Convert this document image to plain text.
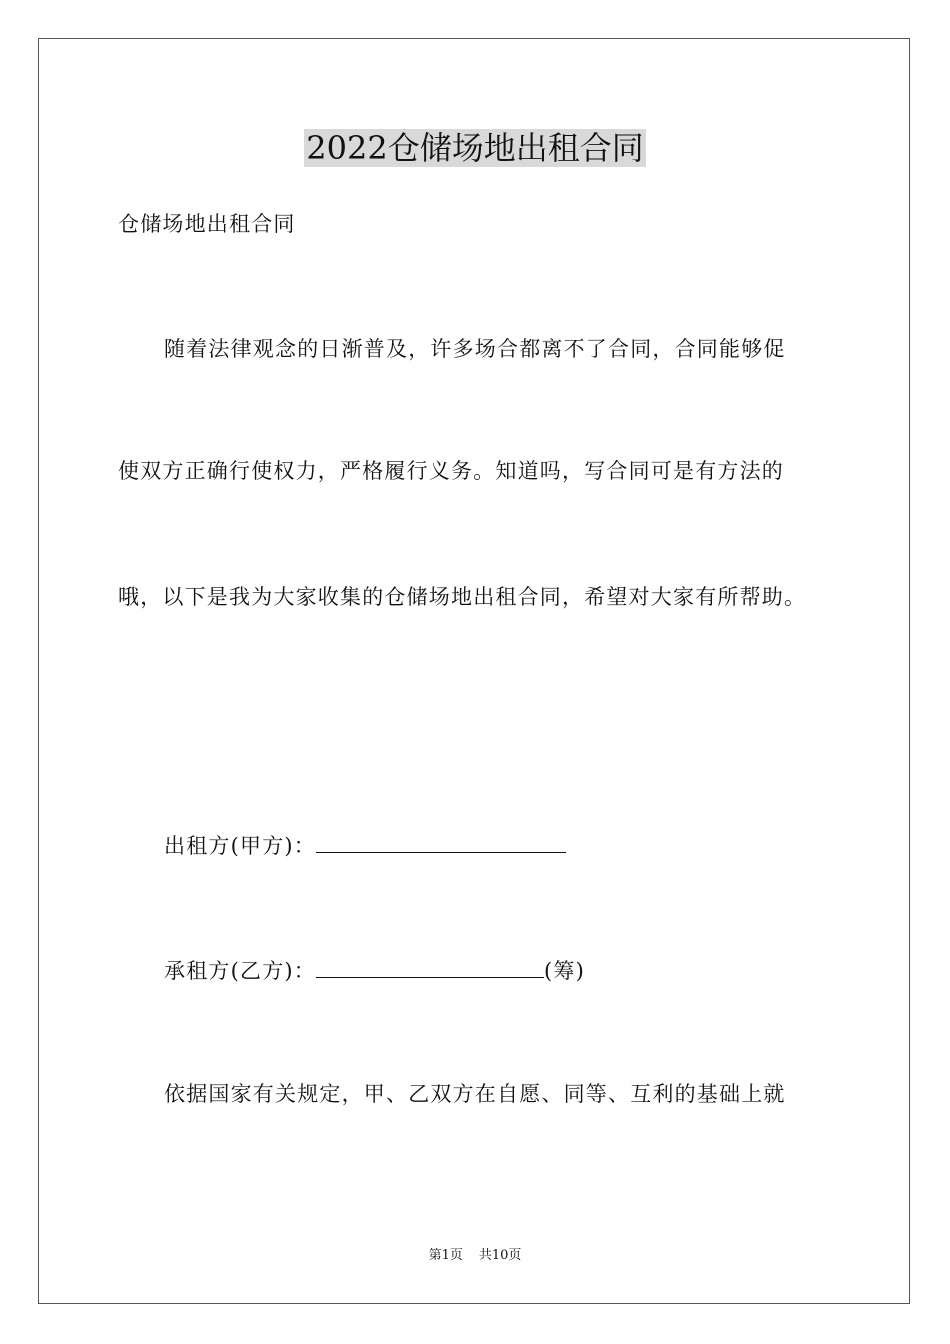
2022仓储场地出租合同
仓储场地出租合同
随着法律观念的日渐普及，许多场合都离不了合同，合同能够促
使双方正确行使权力，严格履行义务。知道吗，写合同可是有方法的
哦，以下是我为大家收集的仓储场地出租合同，希望对大家有所帮助。
出租方(甲方)：
承租方(乙方)：	(筹)
依据国家有关规定，甲、乙双方在自愿、同等、互利的基础上就
第1页 共10页
